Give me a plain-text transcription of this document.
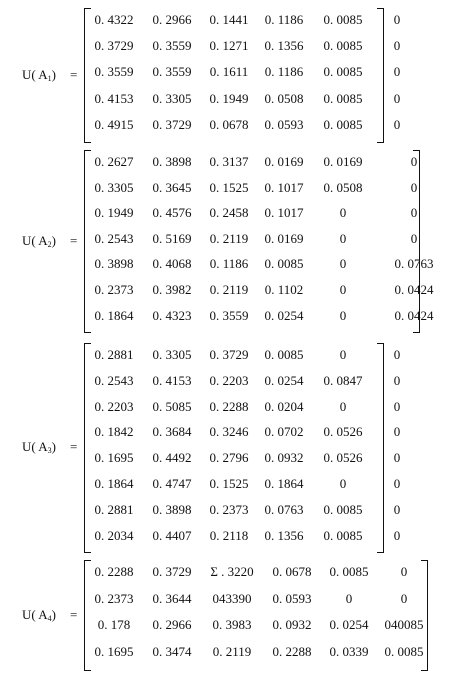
U( $A_1$) =
0. 4322	0. 2966	0. 1441	0. 1186	0. 0085	0
0. 3729	0. 3559	0. 1271	0. 1356	0. 0085	0
0. 3559	0. 3559	0. 1611	0. 1186	0. 0085	0
0. 4153	0. 3305	0. 1949	0. 0508	0. 0085	0
0. 4915	0. 3729	0. 0678	0. 0593	0. 0085	0
U( $A_2$) =
0. 2627	0. 3898	0. 3137	0. 0169	0. 0169	0
0. 3305	0. 3645	0. 1525	0. 1017	0. 0508	0
0. 1949	0. 4576	0. 2458	0. 1017	0	0
0. 2543	0. 5169	0. 2119	0. 0169	0	0
0. 3898	0. 4068	0. 1186	0. 0085	0	0. 0763
0. 2373	0. 3982	0. 2119	0. 1102	0	0. 0424
0. 1864	0. 4323	0. 3559	0. 0254	0	0. 0424
U( $A_3$) =
0. 2881	0. 3305	0. 3729	0. 0085	0	0
0. 2543	0. 4153	0. 2203	0. 0254	0. 0847	0
0. 2203	0. 5085	0. 2288	0. 0204	0	0
0. 1842	0. 3684	0. 3246	0. 0702	0. 0526	0
0. 1695	0. 4492	0. 2796	0. 0932	0. 0526	0
0. 1864	0. 4747	0. 1525	0. 1864	0	0
0. 2881	0. 3898	0. 2373	0. 0763	0. 0085	0
0. 2034	0. 4407	0. 2118	0. 1356	0. 0085	0
U( $A_4$) =
0. 2288	0. 3729	Σ . 3220	0. 0678	0. 0085	0
0. 2373	0. 3644	043390	0. 0593	0	0
0. 178	0. 2966	0. 3983	0. 0932	0. 0254	040085
0. 1695	0. 3474	0. 2119	0. 2288	0. 0339	0. 0085
